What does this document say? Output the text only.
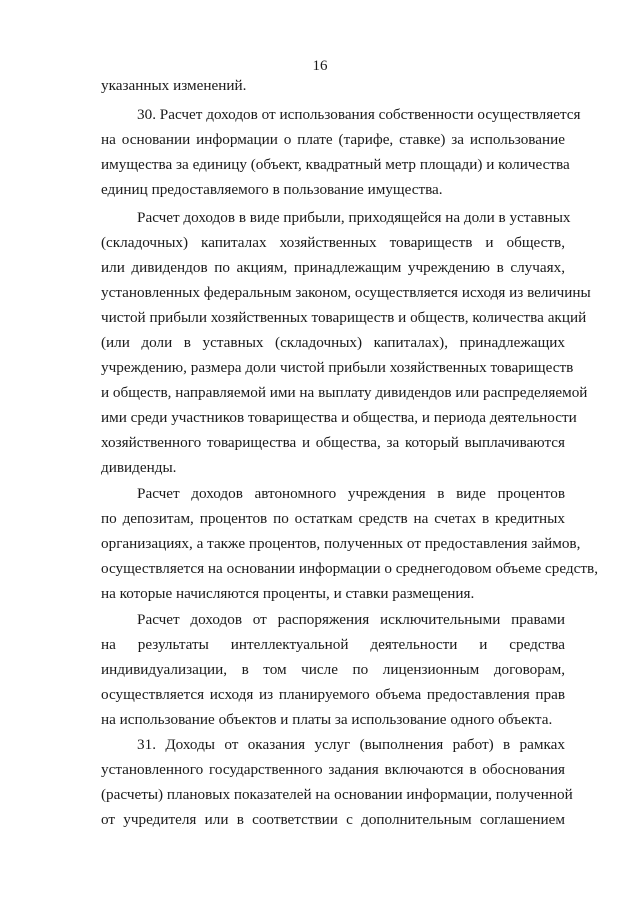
16
указанных изменений.
30. Расчет доходов от использования собственности осуществляется
на основании информации о плате (тарифе, ставке) за использование
имущества за единицу (объект, квадратный метр площади) и количества
единиц предоставляемого в пользование имущества.
Расчет доходов в виде прибыли, приходящейся на доли в уставных
(складочных) капиталах хозяйственных товариществ и обществ,
или дивидендов по акциям, принадлежащим учреждению в случаях,
установленных федеральным законом, осуществляется исходя из величины
чистой прибыли хозяйственных товариществ и обществ, количества акций
(или доли в уставных (складочных) капиталах), принадлежащих
учреждению, размера доли чистой прибыли хозяйственных товариществ
и обществ, направляемой ими на выплату дивидендов или распределяемой
ими среди участников товарищества и общества, и периода деятельности
хозяйственного товарищества и общества, за который выплачиваются
дивиденды.
Расчет доходов автономного учреждения в виде процентов
по депозитам, процентов по остаткам средств на счетах в кредитных
организациях, а также процентов, полученных от предоставления займов,
осуществляется на основании информации о среднегодовом объеме средств,
на которые начисляются проценты, и ставки размещения.
Расчет доходов от распоряжения исключительными правами
на результаты интеллектуальной деятельности и средства
индивидуализации, в том числе по лицензионным договорам,
осуществляется исходя из планируемого объема предоставления прав
на использование объектов и платы за использование одного объекта.
31. Доходы от оказания услуг (выполнения работ) в рамках
установленного государственного задания включаются в обоснования
(расчеты) плановых показателей на основании информации, полученной
от учредителя или в соответствии с дополнительным соглашением
